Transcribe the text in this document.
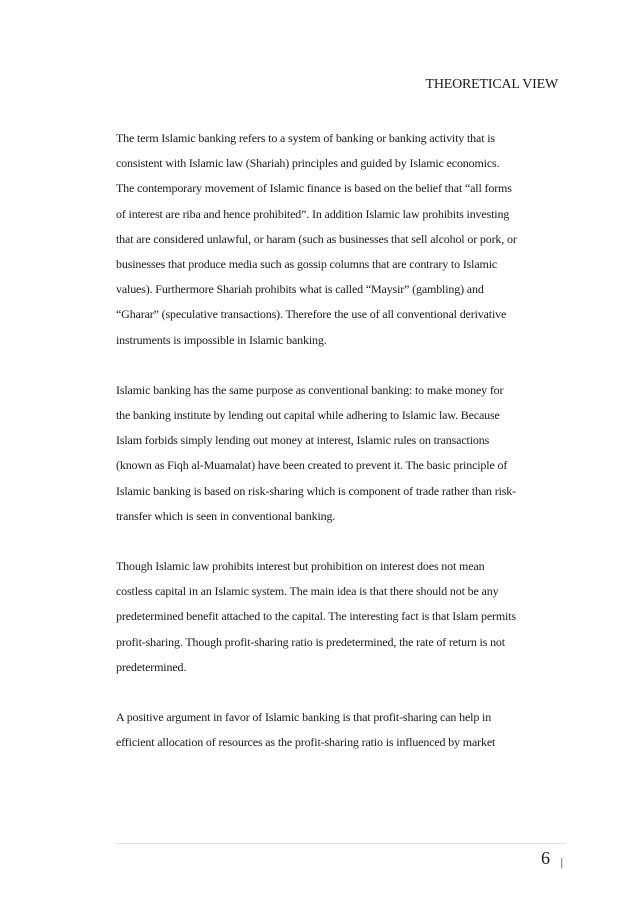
THEORETICAL VIEW
The term Islamic banking refers to a system of banking or banking activity that is
consistent with Islamic law (Shariah) principles and guided by Islamic economics.
The contemporary movement of Islamic finance is based on the belief that “all forms
of interest are riba and hence prohibited”. In addition Islamic law prohibits investing
that are considered unlawful, or haram (such as businesses that sell alcohol or pork, or
businesses that produce media such as gossip columns that are contrary to Islamic
values). Furthermore Shariah prohibits what is called “Maysir” (gambling) and
“Gharar” (speculative transactions). Therefore the use of all conventional derivative
instruments is impossible in Islamic banking.
Islamic banking has the same purpose as conventional banking: to make money for
the banking institute by lending out capital while adhering to Islamic law. Because
Islam forbids simply lending out money at interest, Islamic rules on transactions
(known as Fiqh al-Muamalat) have been created to prevent it. The basic principle of
Islamic banking is based on risk-sharing which is component of trade rather than risk-
transfer which is seen in conventional banking.
Though Islamic law prohibits interest but prohibition on interest does not mean
costless capital in an Islamic system. The main idea is that there should not be any
predetermined benefit attached to the capital. The interesting fact is that Islam permits
profit-sharing. Though profit-sharing ratio is predetermined, the rate of return is not
predetermined.
A positive argument in favor of Islamic banking is that profit-sharing can help in
efficient allocation of resources as the profit-sharing ratio is influenced by market
6 |
